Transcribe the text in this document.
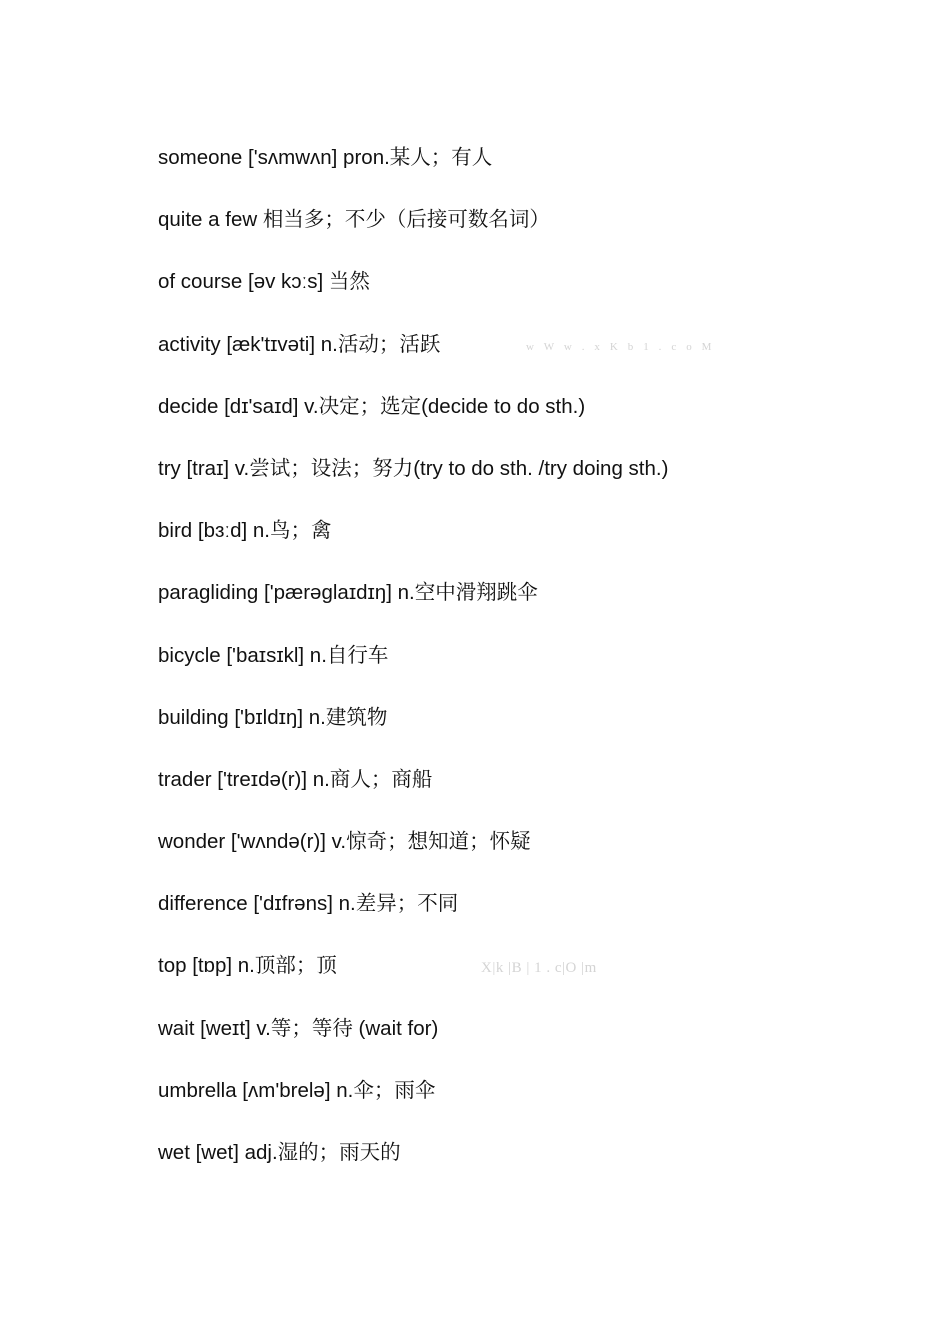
someone ['sʌmwʌn] pron.某人；有人
quite a few 相当多；不少（后接可数名词）
of course [əv kɔːs] 当然
activity [æk'tɪvəti] n.活动；活跃
decide [dɪ'saɪd] v.决定；选定(decide to do sth.)
try [traɪ] v.尝试；设法；努力(try to do sth. /try doing sth.)
bird [bɜːd] n.鸟；禽
paragliding ['pærəglaɪdɪŋ] n.空中滑翔跳伞
bicycle ['baɪsɪkl] n.自行车
building ['bɪldɪŋ] n.建筑物
trader ['treɪdə(r)] n.商人；商船
wonder ['wʌndə(r)] v.惊奇；想知道；怀疑
difference ['dɪfrəns] n.差异；不同
top [tɒp] n.顶部；顶
wait [weɪt] v.等；等待 (wait for)
umbrella [ʌm'brelə] n.伞；雨伞
wet [wet] adj.湿的；雨天的
w W w . x K b 1 . c o M
X|k |B | 1 . c|O |m
